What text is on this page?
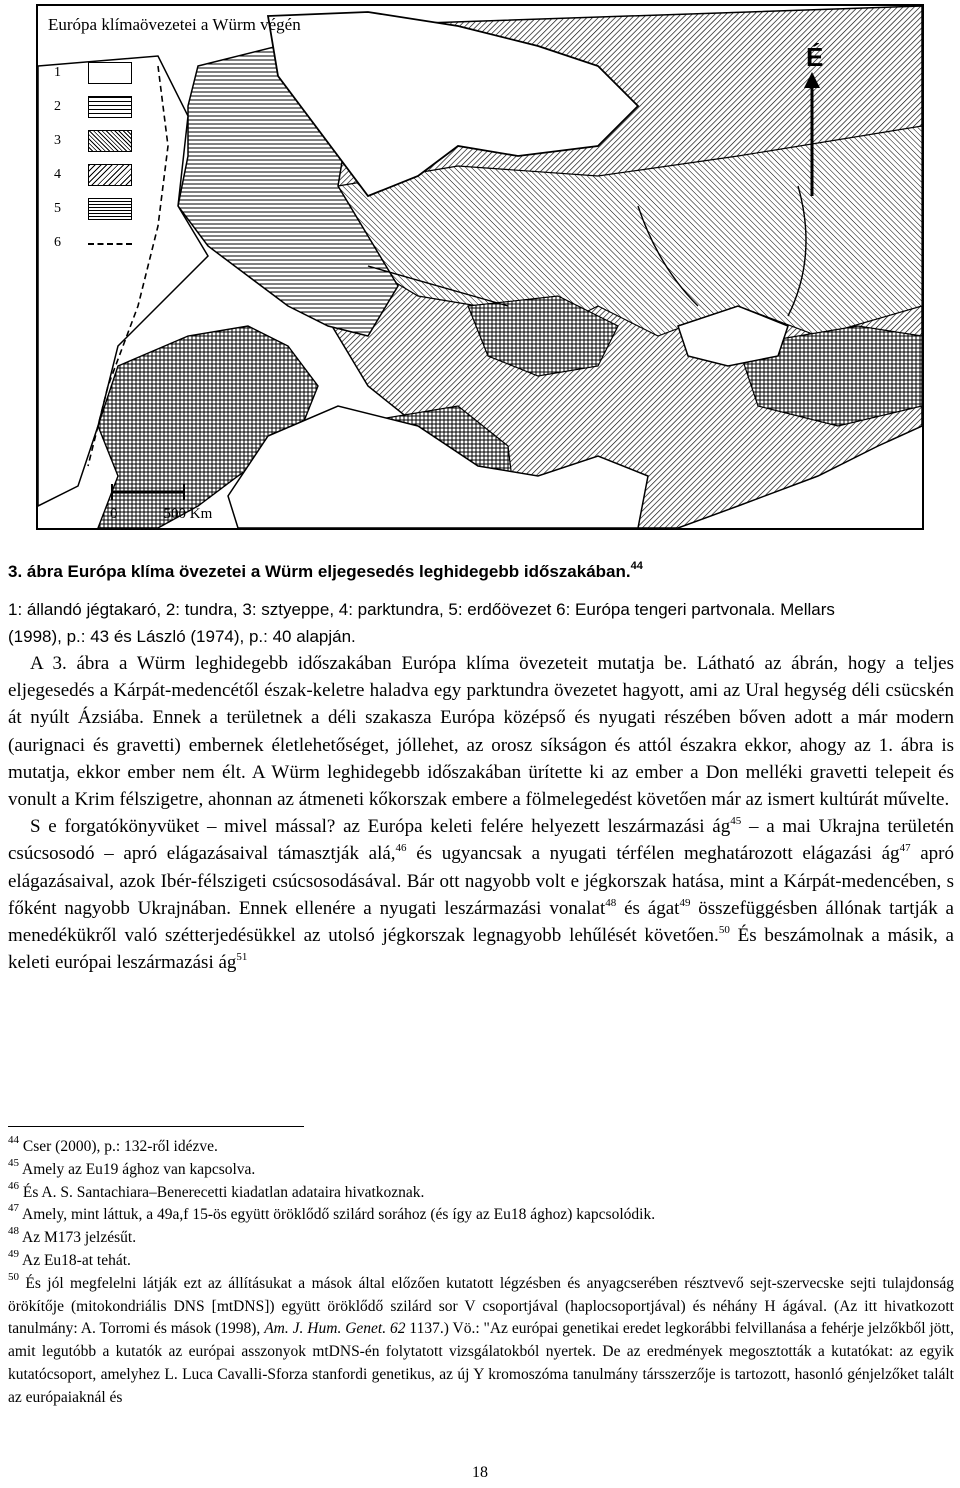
Európa klímaövezetei a Würm végén
1
2
3
4
5
6
É
0	500 Km
3. ábra Európa klíma övezetei a Würm eljegesedés leghidegebb időszakában.$^{44}$
1: állandó jégtakaró, 2: tundra, 3: sztyeppe, 4: parktundra, 5: erdőövezet 6: Európa tengeri partvonala. Mellars
(1998), p.: 43 és László (1974), p.: 40 alapján.

A 3. ábra a Würm leghidegebb időszakában Európa klíma övezeteit mutatja be. Látható az ábrán, hogy a teljes eljegesedés a Kárpát-medencétől észak-keletre haladva egy parktundra övezetet hagyott, ami az Ural hegység déli csücskén át nyúlt Ázsiába. Ennek a területnek a déli szakasza Európa középső és nyugati részében bőven adott a már modern (aurignaci és gravetti) embernek életlehetőséget, jóllehet, az orosz síkságon és attól északra ekkor, ahogy az 1. ábra is mutatja, ekkor ember nem élt. A Würm leghidegebb időszakában ürítette ki az ember a Don melléki gravetti telepeit és vonult a Krim félszigetre, ahonnan az átmeneti kőkorszak embere a fölmelegedést követően már az ismert kultúrát művelte.

S e forgatókönyvüket – mivel mással? az Európa keleti felére helyezett leszármazási $ág^{45}$ – a mai Ukrajna területén csúcsosodó – apró elágazásaival támasztják alá,$^{46}$ és ugyancsak a nyugati térfélen meghatározott elágazási $ág^{47}$ apró elágazásaival, azok Ibér-félszigeti csúcsosodásával. Bár ott nagyobb volt e jégkorszak hatása, mint a Kárpát-medencében, s főként nagyobb Ukrajnában. Ennek ellenére a nyugati leszármazási vonalat$^{48}$ és ágat$^{49}$ összefüggésben állónak tartják a menedékükről való szétterjedésükkel az utolsó jégkorszak legnagyobb lehűlését követően.$^{50}$ És beszámolnak a másik, a keleti európai leszármazási $ág^{51}$

$^{44}$ Cser (2000), p.: 132-ről idézve.

$^{45}$ Amely az Eu19 ághoz van kapcsolva.

$^{46}$ És A. S. Santachiara–Benerecetti kiadatlan adataira hivatkoznak.

$^{47}$ Amely, mint láttuk, a 49a,f 15-ös együtt öröklődő szilárd sorához (és így az Eu18 ághoz) kapcsolódik.

$^{48}$ Az M173 jelzésűt.

$^{49}$ Az Eu18-at tehát.

$^{50}$ És jól megfelelni látják ezt az állításukat a mások által előzően kutatott légzésben és anyagcserében résztvevő sejt-szervecske sejti tulajdonság örökítője (mitokondriális DNS [mtDNS]) együtt öröklődő szilárd sor V csoportjával (haplocsoportjával) és néhány H ágával. (Az itt hivatkozott tanulmány: A. Torromi és mások (1998), Am. J. Hum. Genet. 62 1137.) Vö.: "Az európai genetikai eredet legkorábbi felvillanása a fehérje jelzőkből jött, amit legutóbb a kutatók az európai asszonyok mtDNS-én folytatott vizsgálatokból nyertek. De az eredmények megosztották a kutatókat: az egyik kutatócsoport, amelyhez L. Luca Cavalli-Sforza stanfordi genetikus, az új Y kromoszóma tanulmány társszerzője is tartozott, hasonló génjelzőket talált az európaiaknál és

18
